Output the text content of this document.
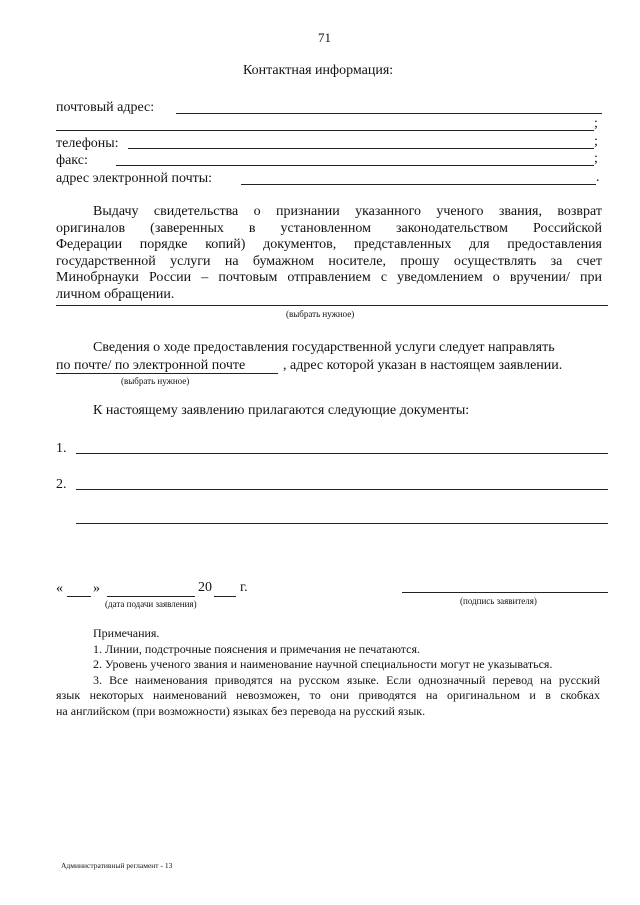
71
Контактная информация:
почтовый адрес:
;
телефоны:	;
факс:	;
адрес электронной почты:	.
Выдачу свидетельства о признании указанного ученого звания, возврат
оригиналов (заверенных в установленном законодательством Российской
Федерации порядке копий) документов, представленных для предоставления
государственной услуги на бумажном носителе, прошу осуществлять за счет
Минобрнауки России – почтовым отправлением с уведомлением о вручении/ при
личном обращении.
(выбрать нужное)
Сведения о ходе предоставления государственной услуги следует направлять
по почте/ по электронной почте	, адрес которой указан в настоящем заявлении.
(выбрать нужное)
К настоящему заявлению прилагаются следующие документы:
1.
2.
« »	20 г.
(дата подачи заявления)	(подпись заявителя)
Примечания.
1. Линии, подстрочные пояснения и примечания не печатаются.
2. Уровень ученого звания и наименование научной специальности могут не указываться.
3. Все наименования приводятся на русском языке. Если однозначный перевод на русский
язык некоторых наименований невозможен, то они приводятся на оригинальном и в скобках
на английском (при возможности) языках без перевода на русский язык.
Административный регламент - 13
